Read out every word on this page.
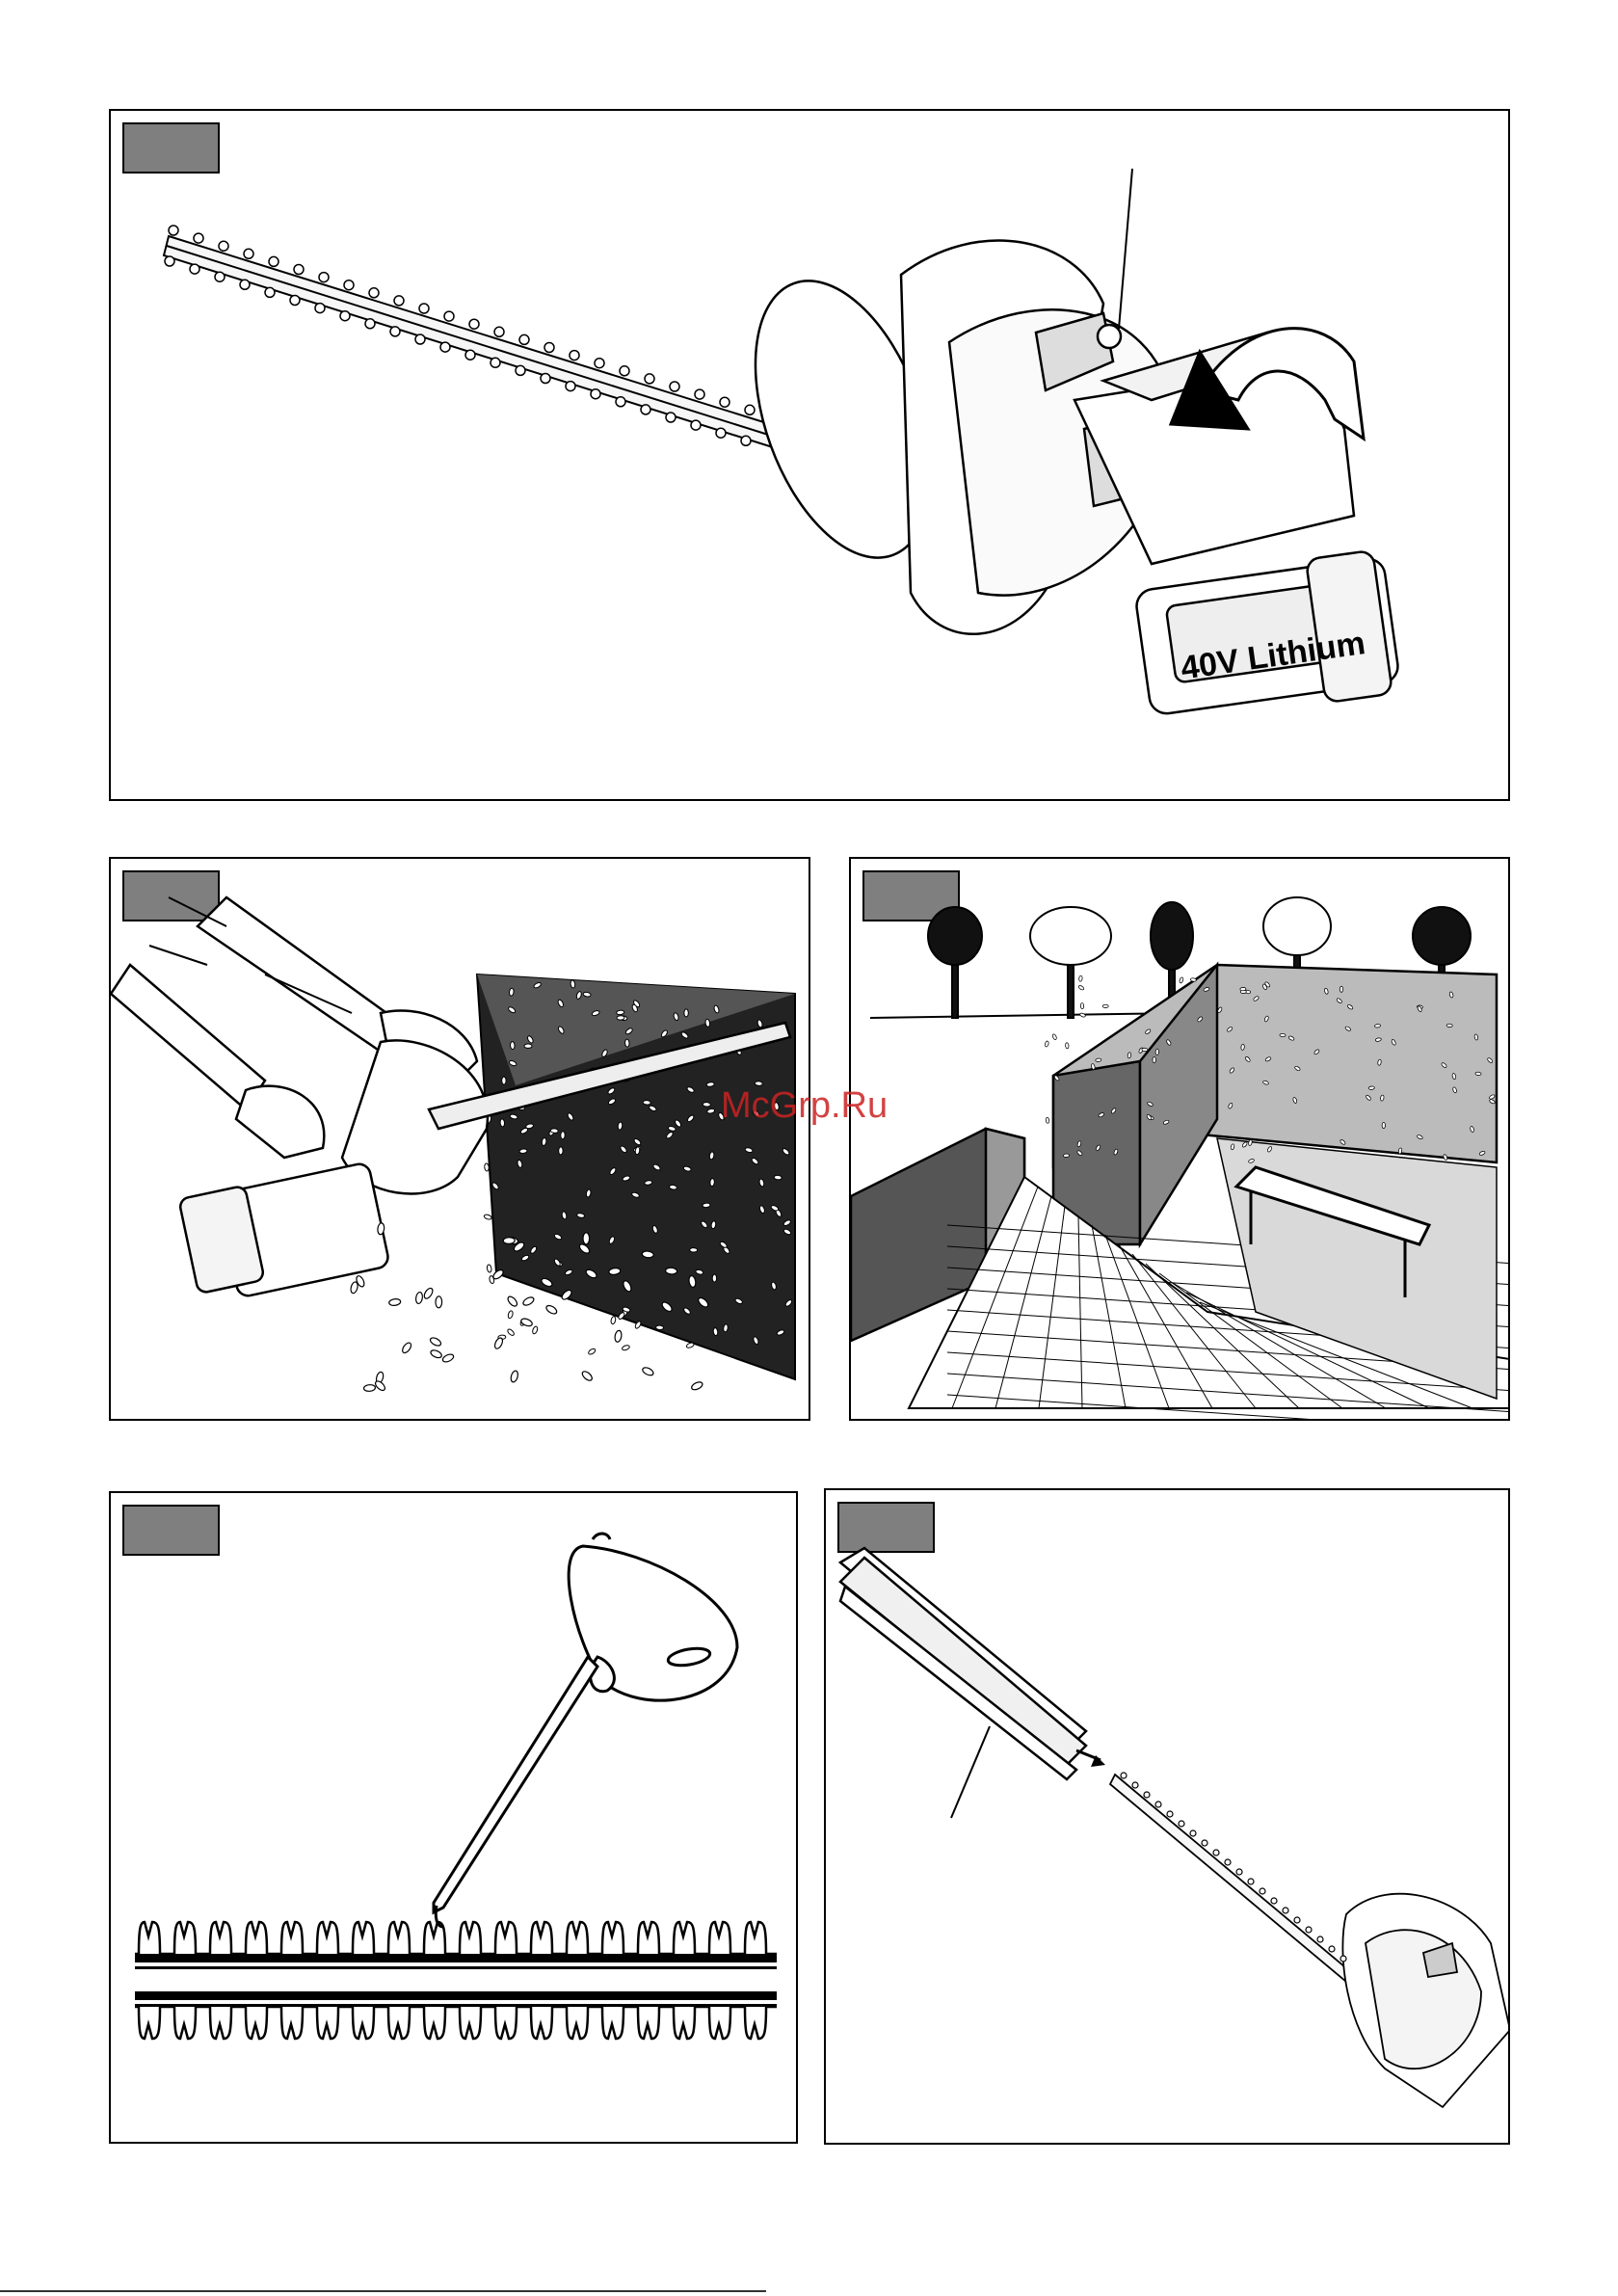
40V Lithium
McGrp.Ru
